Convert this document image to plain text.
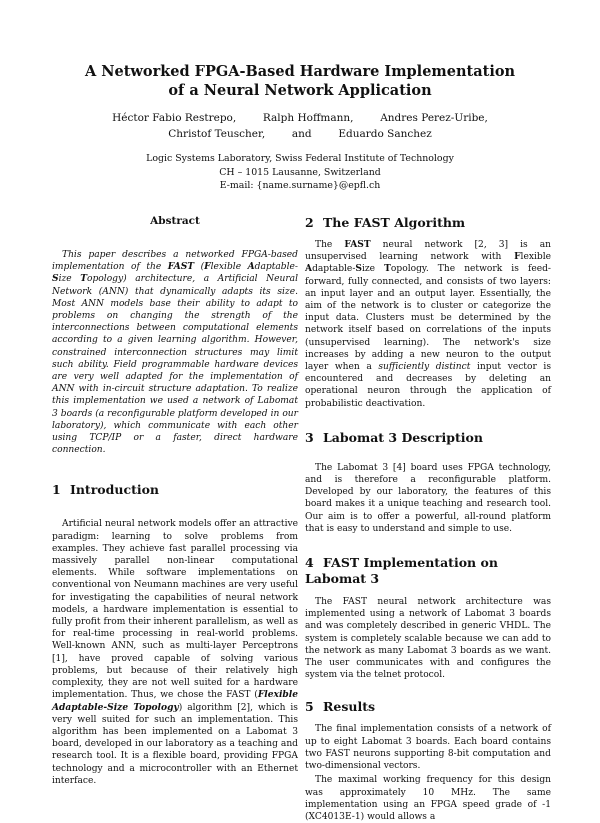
A Networked FPGA-Based Hardware Implementation
of a Neural Network Application
Héctor Fabio Restrepo,        Ralph Hoffmann,        Andres Perez-Uribe,
Christof Teuscher,        and        Eduardo Sanchez
Logic Systems Laboratory, Swiss Federal Institute of Technology
CH – 1015 Lausanne, Switzerland
E-mail: {name.surname}@epfl.ch
Abstract

This paper describes a networked FPGA-based implementation of the FAST (Flexible Adaptable-Size Topology) architecture, a Artificial Neural Network (ANN) that dynamically adapts its size. Most ANN models base their ability to adapt to problems on changing the strength of the interconnections between computational elements according to a given learning algorithm. However, constrained interconnection structures may limit such ability. Field programmable hardware devices are very well adapted for the implementation of ANN with in-circuit structure adaptation. To realize this implementation we used a network of Labomat 3 boards (a reconfigurable platform developed in our laboratory), which communicate with each other using TCP/IP or a faster, direct hardware connection.

1 Introduction

Artificial neural network models offer an attractive paradigm: learning to solve problems from examples. They achieve fast parallel processing via massively parallel non-linear computational elements. While software implementations on conventional von Neumann machines are very useful for investigating the capabilities of neural network models, a hardware implementation is essential to fully profit from their inherent parallelism, as well as for real-time processing in real-world problems. Well-known ANN, such as multi-layer Perceptrons [1], have proved capable of solving various problems, but because of their relatively high complexity, they are not well suited for a hardware implementation. Thus, we chose the FAST (Flexible Adaptable-Size Topology) algorithm [2], which is very well suited for such an implementation. This algorithm has been implemented on a Labomat 3 board, developed in our laboratory as a teaching and research tool. It is a flexible board, providing FPGA technology and a microcontroller with an Ethernet interface.

2 The FAST Algorithm

The FAST neural network [2, 3] is an unsupervised learning network with Flexible Adaptable-Size Topology. The network is feed-forward, fully connected, and consists of two layers: an input layer and an output layer. Essentially, the aim of the network is to cluster or categorize the input data. Clusters must be determined by the network itself based on correlations of the inputs (unsupervised learning). The network's size increases by adding a new neuron to the output layer when a sufficiently distinct input vector is encountered and decreases by deleting an operational neuron through the application of probabilistic deactivation.

3 Labomat 3 Description

The Labomat 3 [4] board uses FPGA technology, and is therefore a reconfigurable platform. Developed by our laboratory, the features of this board makes it a unique teaching and research tool. Our aim is to offer a powerful, all-round platform that is easy to understand and simple to use.

4 FAST Implementation on Labomat 3

The FAST neural network architecture was implemented using a network of Labomat 3 boards and was completely described in generic VHDL. The system is completely scalable because we can add to the network as many Labomat 3 boards as we want. The user communicates with and configures the system via the telnet protocol.

5 Results

The final implementation consists of a network of up to eight Labomat 3 boards. Each board contains two FAST neurons supporting 8-bit computation and two-dimensional vectors.

The maximal working frequency for this design was approximately 10 MHz. The same implementation using an FPGA speed grade of -1 (XC4013E-1) would allows a
